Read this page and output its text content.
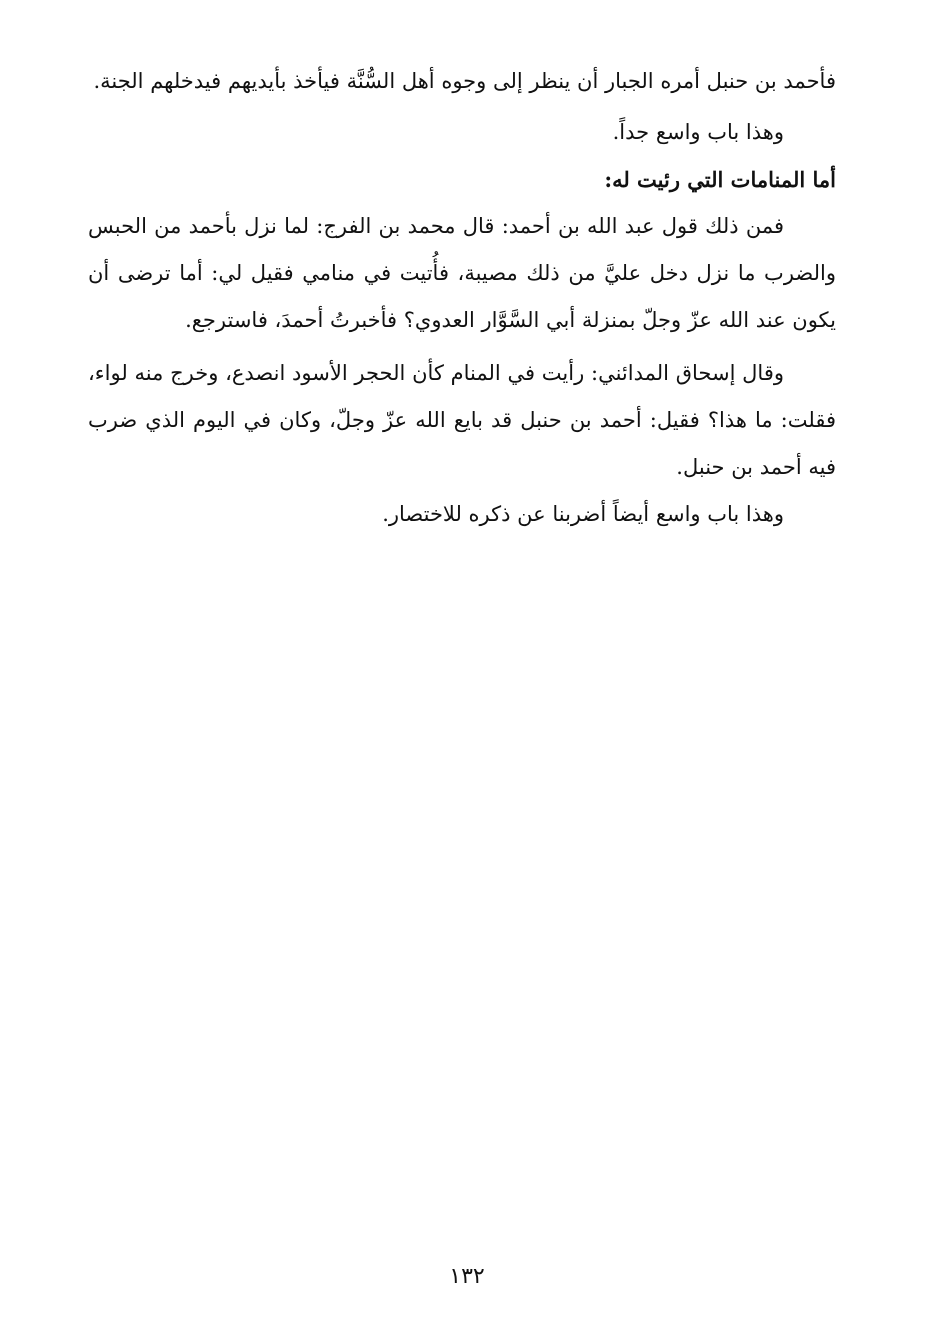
فأحمد بن حنبل أمره الجبار أن ينظر إلى وجوه أهل السُّنَّة فيأخذ بأيديهم فيدخلهم الجنة.

وهذا باب واسع جداً.

أما المنامات التي رئيت له:

فمن ذلك قول عبد الله بن أحمد: قال محمد بن الفرج: لما نزل بأحمد من الحبس والضرب ما نزل دخل عليَّ من ذلك مصيبة، فأُتيت في منامي فقيل لي: أما ترضى أن يكون عند الله عزّ وجلّ بمنزلة أبي السَّوَّار العدوي؟ فأخبرتُ أحمدَ، فاسترجع.

وقال إسحاق المدائني: رأيت في المنام كأن الحجر الأسود انصدع، وخرج منه لواء، فقلت: ما هذا؟ فقيل: أحمد بن حنبل قد بايع الله عزّ وجلّ، وكان في اليوم الذي ضرب فيه أحمد بن حنبل.

وهذا باب واسع أيضاً أضربنا عن ذكره للاختصار.

١٣٢
